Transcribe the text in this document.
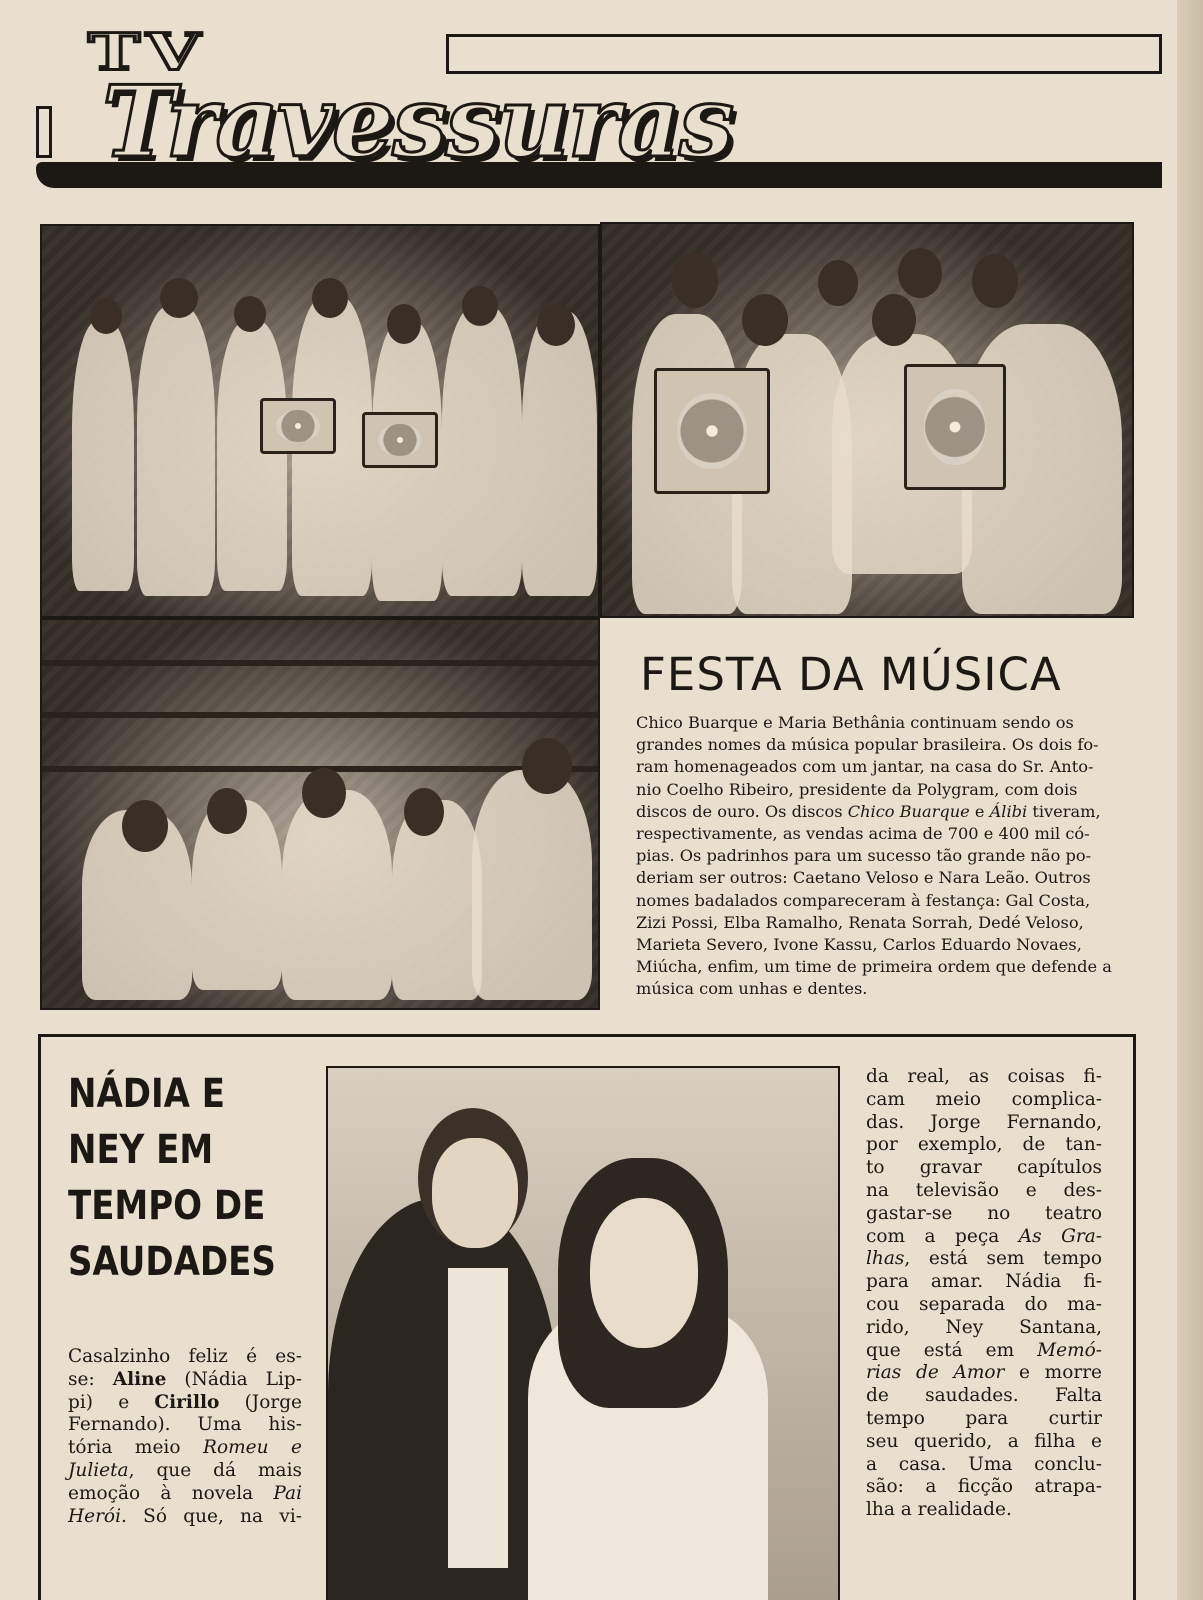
TV
Travessuras
FESTA DA MÚSICA
Chico Buarque e Maria Bethânia continuam sendo os
grandes nomes da música popular brasileira. Os dois fo-
ram homenageados com um jantar, na casa do Sr. Anto-
nio Coelho Ribeiro, presidente da Polygram, com dois
discos de ouro. Os discos Chico Buarque e Álibi tiveram,
respectivamente, as vendas acima de 700 e 400 mil có-
pias. Os padrinhos para um sucesso tão grande não po-
deriam ser outros: Caetano Veloso e Nara Leão. Outros
nomes badalados compareceram à festança: Gal Costa,
Zizi Possi, Elba Ramalho, Renata Sorrah, Dedé Veloso,
Marieta Severo, Ivone Kassu, Carlos Eduardo Novaes,
Miúcha, enfim, um time de primeira ordem que defende a
música com unhas e dentes.
NÁDIA E
NEY EM
TEMPO DE
SAUDADES
Casalzinho feliz é es-
se: Aline (Nádia Lip-
pi) e Cirillo (Jorge
Fernando). Uma his-
tória meio Romeu e
Julieta, que dá mais
emoção à novela Pai
Herói. Só que, na vi-
da real, as coisas fi-
cam meio complica-
das. Jorge Fernando,
por exemplo, de tan-
to gravar capítulos
na televisão e des-
gastar-se no teatro
com a peça As Gra-
lhas, está sem tempo
para amar. Nádia fi-
cou separada do ma-
rido, Ney Santana,
que está em Memó-
rias de Amor e morre
de saudades. Falta
tempo para curtir
seu querido, a filha e
a casa. Uma conclu-
são: a ficção atrapa-
lha a realidade.
